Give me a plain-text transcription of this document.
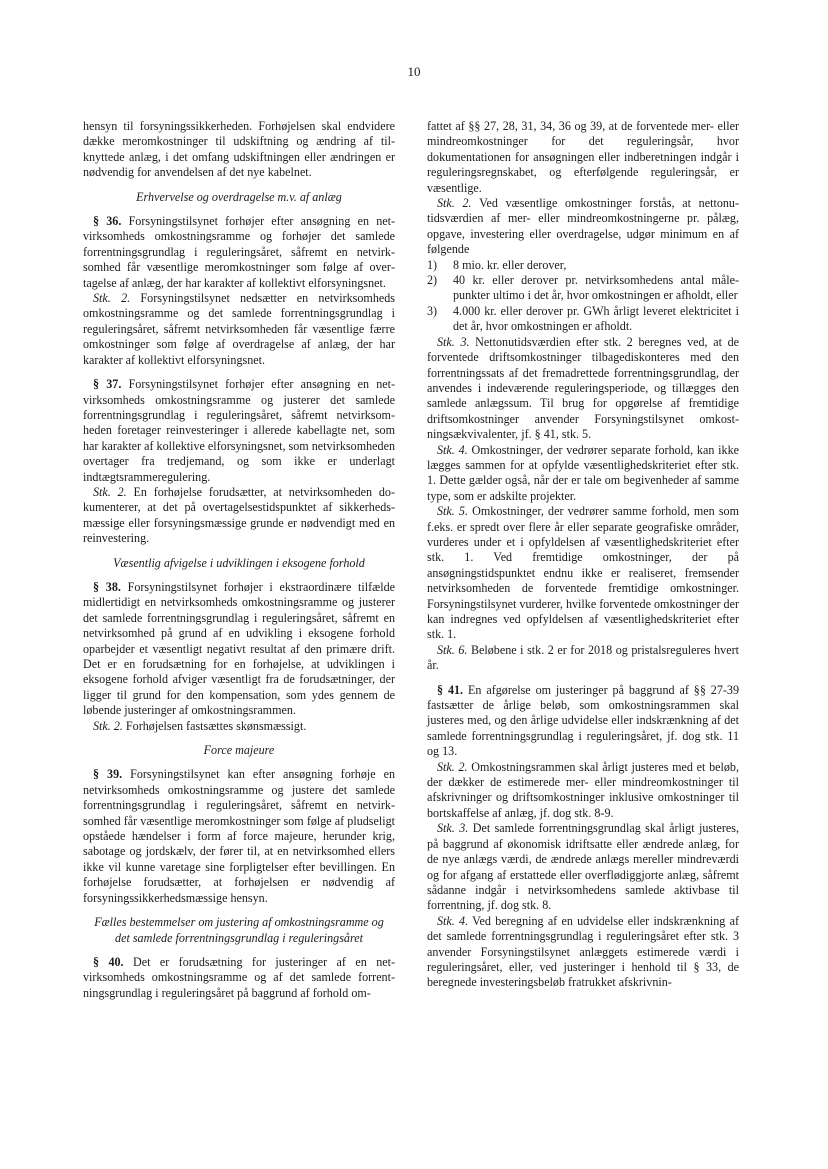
10

hensyn til forsyningssikkerheden. Forhøjelsen skal endvidere dække meromkostninger til udskiftning og ændring af tilknyttede anlæg, i det omfang udskiftningen eller ændringen er nødvendig for anvendelsen af det nye kabelnet.

Erhvervelse og overdragelse m.v. af anlæg

§ 36. Forsyningstilsynet forhøjer efter ansøgning en netvirksomheds omkostningsramme og forhøjer det samlede forrentningsgrundlag i reguleringsåret, såfremt en netvirksomhed får væsentlige meromkostninger som følge af overtagelse af anlæg, der har karakter af kollektivt elforsyningsnet.

Stk. 2. Forsyningstilsynet nedsætter en netvirksomheds omkostningsramme og det samlede forrentningsgrundlag i reguleringsåret, såfremt netvirksomheden får væsentlige færre omkostninger som følge af overdragelse af anlæg, der har karakter af kollektivt elforsyningsnet.

§ 37. Forsyningstilsynet forhøjer efter ansøgning en netvirksomheds omkostningsramme og justerer det samlede forrentningsgrundlag i reguleringsåret, såfremt netvirksomheden foretager reinvesteringer i allerede kabellagte net, som har karakter af kollektive elforsyningsnet, som netvirksomheden overtager fra tredjemand, og som ikke er underlagt indtægtsrammeregulering.

Stk. 2. En forhøjelse forudsætter, at netvirksomheden dokumenterer, at det på overtagelsestidspunktet af sikkerhedsmæssige eller forsyningsmæssige grunde er nødvendigt med en reinvestering.

Væsentlig afvigelse i udviklingen i eksogene forhold

§ 38. Forsyningstilsynet forhøjer i ekstraordinære tilfælde midlertidigt en netvirksomheds omkostningsramme og justerer det samlede forrentningsgrundlag i reguleringsåret, såfremt en netvirksomhed på grund af en udvikling i eksogene forhold oparbejder et væsentligt negativt resultat af den primære drift. Det er en forudsætning for en forhøjelse, at udviklingen i eksogene forhold afviger væsentligt fra de forudsætninger, der ligger til grund for den kompensation, som ydes gennem de løbende justeringer af omkostningsrammen.

Stk. 2. Forhøjelsen fastsættes skønsmæssigt.

Force majeure

§ 39. Forsyningstilsynet kan efter ansøgning forhøje en netvirksomheds omkostningsramme og justere det samlede forrentningsgrundlag i reguleringsåret, såfremt en netvirksomhed får væsentlige meromkostninger som følge af pludseligt opståede hændelser i form af force majeure, herunder krig, sabotage og jordskælv, der fører til, at en netvirksomhed ellers ikke vil kunne varetage sine forpligtelser efter bevillingen. En forhøjelse forudsætter, at forhøjelsen er nødvendig af forsyningssikkerhedsmæssige hensyn.

Fælles bestemmelser om justering af omkostningsramme og
det samlede forrentningsgrundlag i reguleringsåret

§ 40. Det er forudsætning for justeringer af en netvirksomheds omkostningsramme og af det samlede forrentningsgrundlag i reguleringsåret på baggrund af forhold om-

fattet af §§ 27, 28, 31, 34, 36 og 39, at de forventede mer- eller mindreomkostninger for det reguleringsår, hvor dokumentationen for ansøgningen eller indberetningen indgår i reguleringsregnskabet, og efterfølgende reguleringsår, er væsentlige.

Stk. 2. Ved væsentlige omkostninger forstås, at nettonutidsværdien af mer- eller mindreomkostningerne pr. pålæg, opgave, investering eller overdragelse, udgør minimum en af følgende

1)	8 mio. kr. eller derover,
2)	40 kr. eller derover pr. netvirksomhedens antal målepunkter ultimo i det år, hvor omkostningen er afholdt, eller
3)	4.000 kr. eller derover pr. GWh årligt leveret elektricitet i det år, hvor omkostningen er afholdt.

Stk. 3. Nettonutidsværdien efter stk. 2 beregnes ved, at de forventede driftsomkostninger tilbagediskonteres med den forrentningssats af det fremadrettede forrentningsgrundlag, der anvendes i indeværende reguleringsperiode, og tillægges den samlede anlægssum. Til brug for opgørelse af fremtidige driftsomkostninger anvender Forsyningstilsynet omkostningsækvivalenter, jf. § 41, stk. 5.

Stk. 4. Omkostninger, der vedrører separate forhold, kan ikke lægges sammen for at opfylde væsentlighedskriteriet efter stk. 1. Dette gælder også, når der er tale om begivenheder af samme type, som er adskilte projekter.

Stk. 5. Omkostninger, der vedrører samme forhold, men som f.eks. er spredt over flere år eller separate geografiske områder, vurderes under et i opfyldelsen af væsentlighedskriteriet efter stk. 1. Ved fremtidige omkostninger, der på ansøgningstidspunktet endnu ikke er realiseret, fremsender netvirksomheden de forventede fremtidige omkostninger. Forsyningstilsynet vurderer, hvilke forventede omkostninger der kan indregnes ved opfyldelsen af væsentlighedskriteriet efter stk. 1.

Stk. 6. Beløbene i stk. 2 er for 2018 og pristalsreguleres hvert år.

§ 41. En afgørelse om justeringer på baggrund af §§ 27-39 fastsætter de årlige beløb, som omkostningsrammen skal justeres med, og den årlige udvidelse eller indskrænkning af det samlede forrentningsgrundlag i reguleringsåret, jf. dog stk. 11 og 13.

Stk. 2. Omkostningsrammen skal årligt justeres med et beløb, der dækker de estimerede mer- eller mindreomkostninger til afskrivninger og driftsomkostninger inklusive omkostninger til bortskaffelse af anlæg, jf. dog stk. 8-9.

Stk. 3. Det samlede forrentningsgrundlag skal årligt justeres, på baggrund af økonomisk idriftsatte eller ændrede anlæg, for de nye anlægs værdi, de ændrede anlægs mereller mindreværdi og for afgang af erstattede eller overflødiggjorte anlæg, såfremt sådanne indgår i netvirksomhedens samlede aktivbase til forrentning, jf. dog stk. 8.

Stk. 4. Ved beregning af en udvidelse eller indskrænkning af det samlede forrentningsgrundlag i reguleringsåret efter stk. 3 anvender Forsyningstilsynet anlæggets estimerede værdi i reguleringsåret, eller, ved justeringer i henhold til § 33, de beregnede investeringsbeløb fratrukket afskrivnin-
